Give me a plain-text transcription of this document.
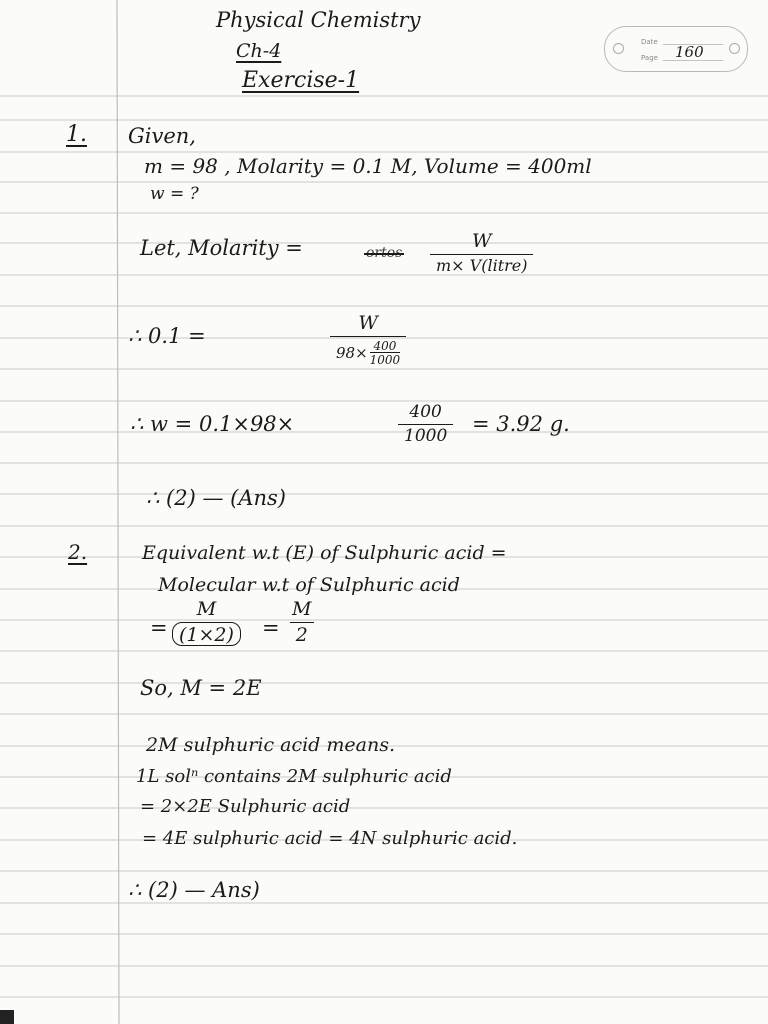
Date
Page 160
Physical Chemistry
Ch-4
Exercise-1
1. Given,
m = 98 , Molarity = 0.1 M, Volume = 400ml
w = ?
Let, Molarity =	ortos
W
m× V(litre)
∴ 0.1 =
W
$98\times \frac{400}{1000}$
∴ w = 0.1×98×	$\frac{400}{1000} = 3.92$ g.
∴ (2) — (Ans)
2.	Equivalent w.t (E) of Sulphuric acid =
Molecular w.t of Sulphuric acid
= $\frac{M}{(1\times 2)} = \frac{M}{2}$
So, M = 2E
2M sulphuric acid means.
1L solⁿ contains 2M sulphuric acid
= 2×2E Sulphuric acid
= 4E sulphuric acid = 4N sulphuric acid.
∴ (2) — Ans)
